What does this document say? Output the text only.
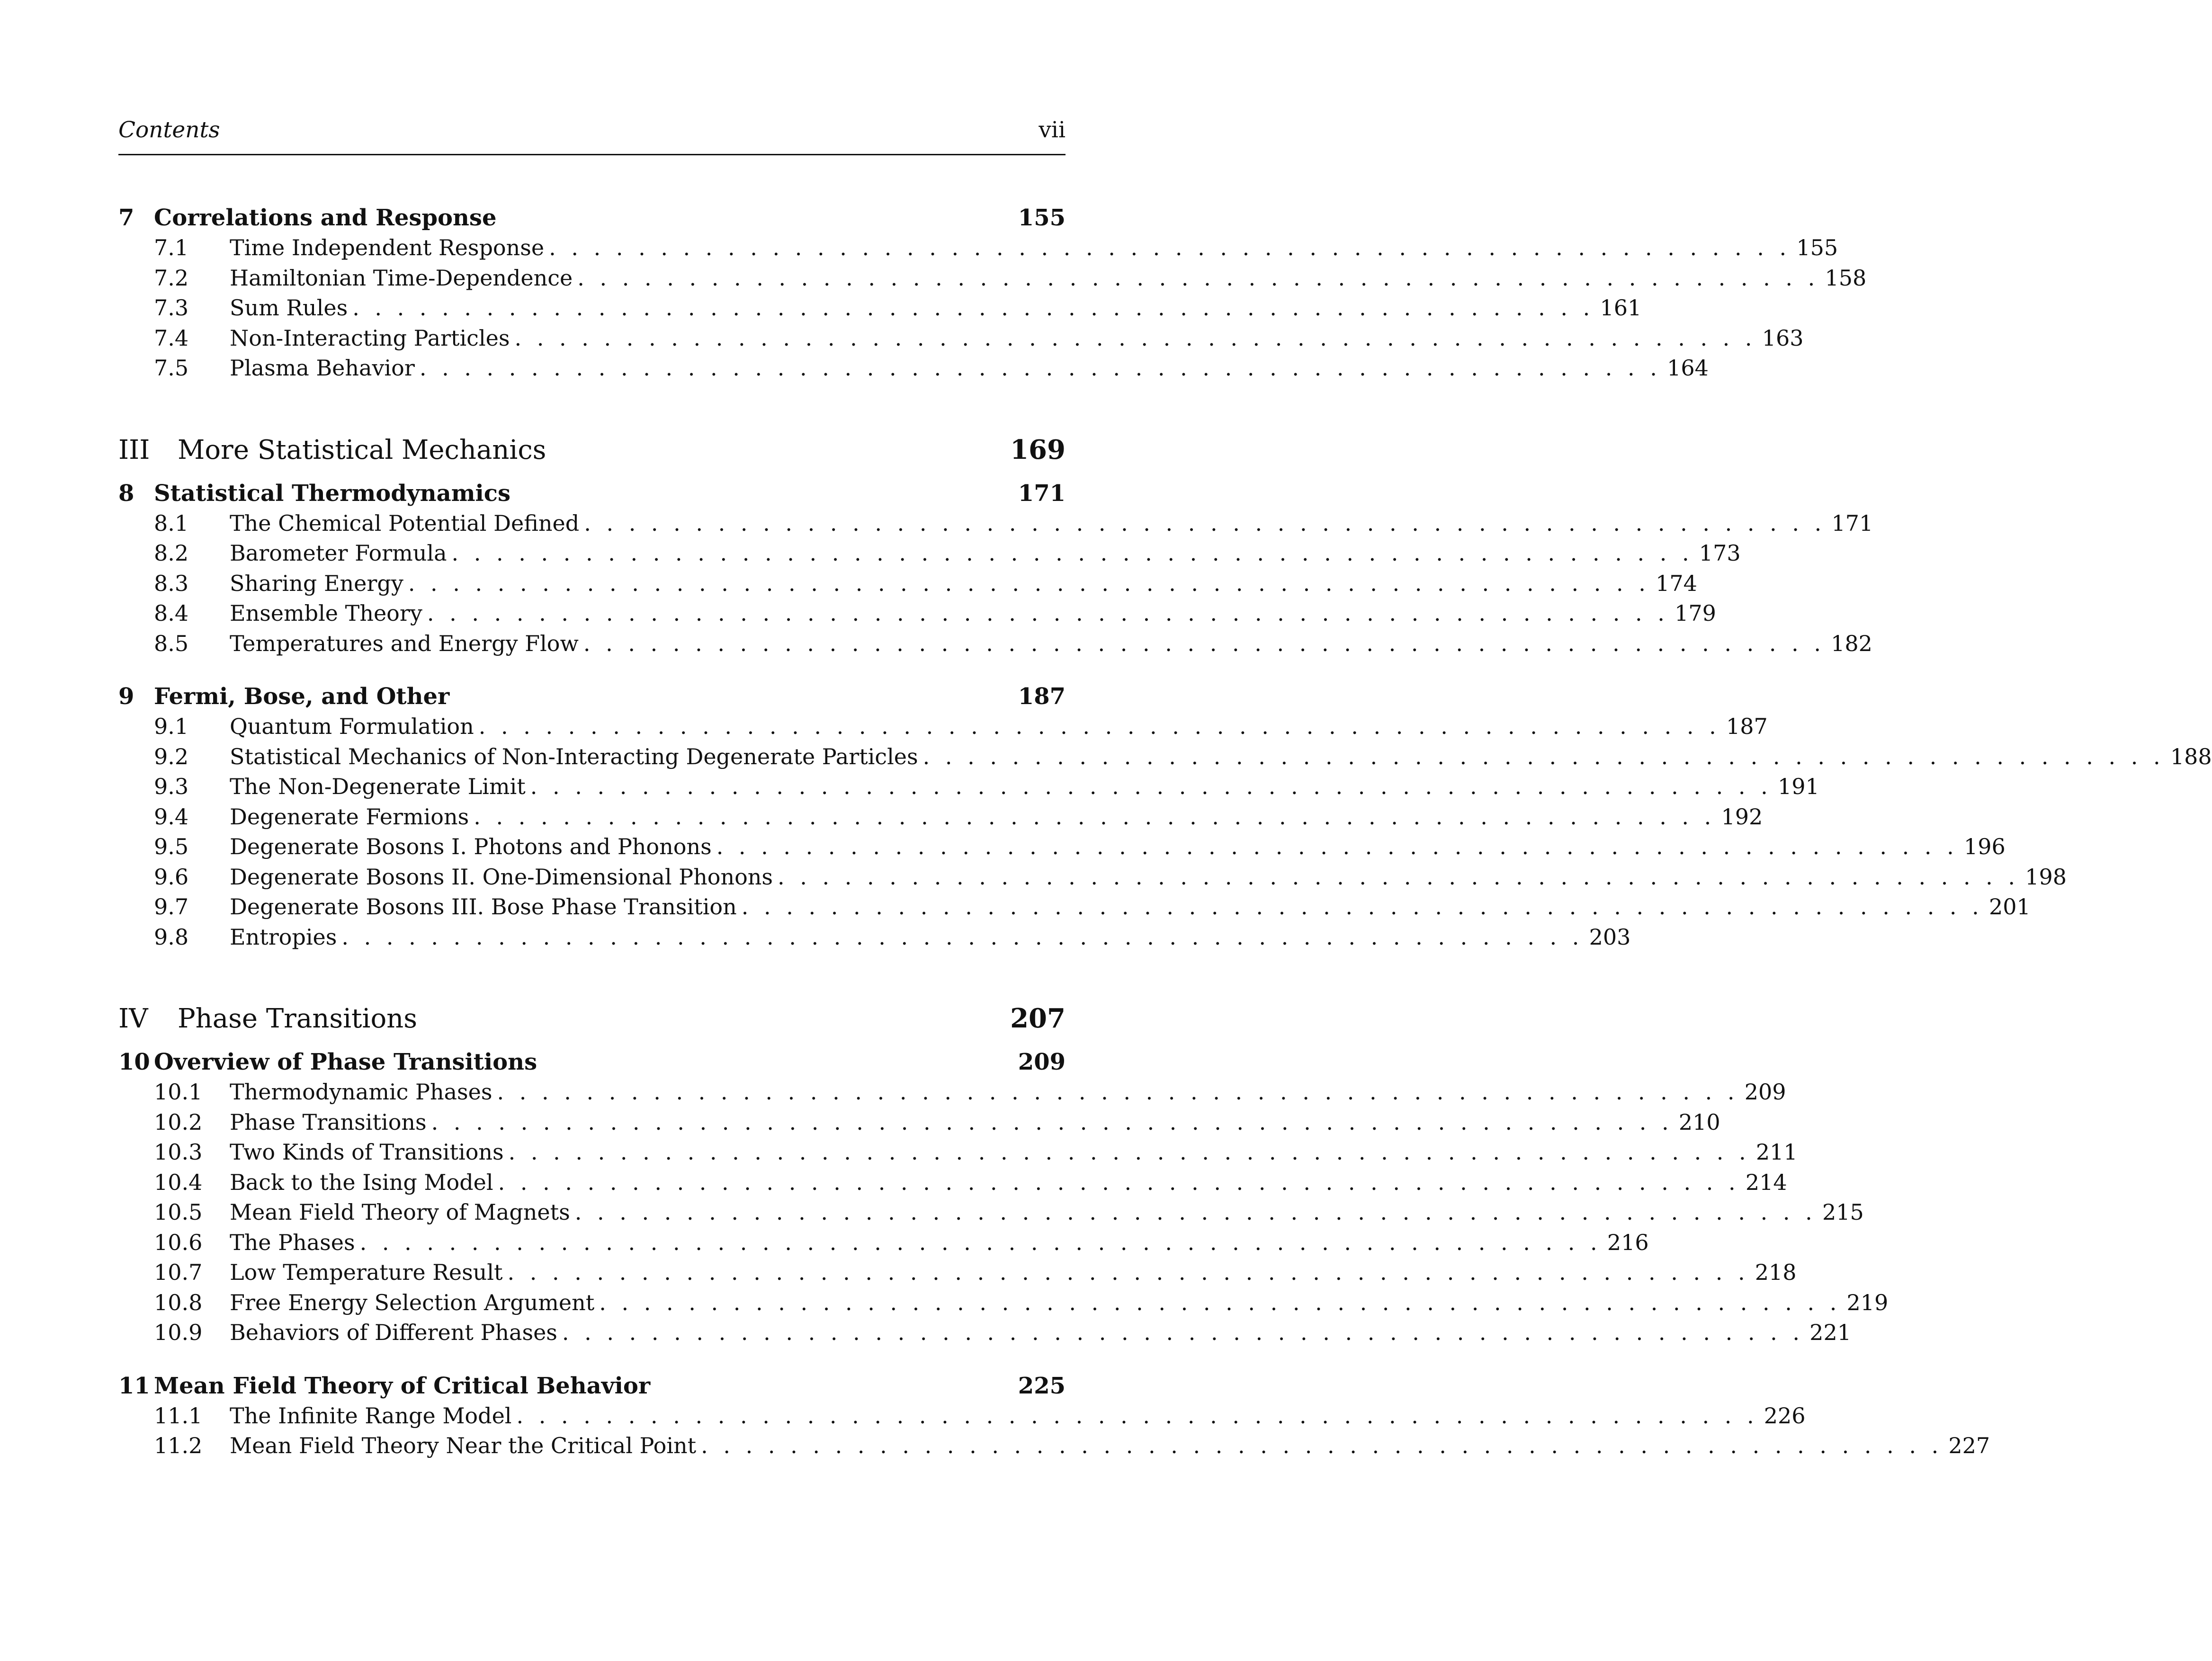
Contents	vii
7 Correlations and Response	155
7.1	Time Independent Response . . . . . . . . . . . . . . . . . . . . . . . . . . . . . . . . . . . . . . . . . . . . . . . . . . . . . . . . 155
7.2	Hamiltonian Time-Dependence . . . . . . . . . . . . . . . . . . . . . . . . . . . . . . . . . . . . . . . . . . . . . . . . . . . . . . . . 158
7.3	Sum Rules . . . . . . . . . . . . . . . . . . . . . . . . . . . . . . . . . . . . . . . . . . . . . . . . . . . . . . . . 161
7.4	Non-Interacting Particles . . . . . . . . . . . . . . . . . . . . . . . . . . . . . . . . . . . . . . . . . . . . . . . . . . . . . . . . 163
7.5	Plasma Behavior . . . . . . . . . . . . . . . . . . . . . . . . . . . . . . . . . . . . . . . . . . . . . . . . . . . . . . . . 164
III	More Statistical Mechanics	169
8 Statistical Thermodynamics	171
8.1	The Chemical Potential Defined . . . . . . . . . . . . . . . . . . . . . . . . . . . . . . . . . . . . . . . . . . . . . . . . . . . . . . . . 171
8.2	Barometer Formula . . . . . . . . . . . . . . . . . . . . . . . . . . . . . . . . . . . . . . . . . . . . . . . . . . . . . . . . 173
8.3	Sharing Energy . . . . . . . . . . . . . . . . . . . . . . . . . . . . . . . . . . . . . . . . . . . . . . . . . . . . . . . . 174
8.4	Ensemble Theory . . . . . . . . . . . . . . . . . . . . . . . . . . . . . . . . . . . . . . . . . . . . . . . . . . . . . . . . 179
8.5	Temperatures and Energy Flow . . . . . . . . . . . . . . . . . . . . . . . . . . . . . . . . . . . . . . . . . . . . . . . . . . . . . . . . 182
9 Fermi, Bose, and Other	187
9.1	Quantum Formulation . . . . . . . . . . . . . . . . . . . . . . . . . . . . . . . . . . . . . . . . . . . . . . . . . . . . . . . . 187
9.2	Statistical Mechanics of Non-Interacting Degenerate Particles . . . . . . . . . . . . . . . . . . . . . . . . . . . . . . . . . . . . . . . . . . . . . . . . . . . . . . . . 188
9.3	The Non-Degenerate Limit . . . . . . . . . . . . . . . . . . . . . . . . . . . . . . . . . . . . . . . . . . . . . . . . . . . . . . . . 191
9.4	Degenerate Fermions . . . . . . . . . . . . . . . . . . . . . . . . . . . . . . . . . . . . . . . . . . . . . . . . . . . . . . . . 192
9.5	Degenerate Bosons I. Photons and Phonons . . . . . . . . . . . . . . . . . . . . . . . . . . . . . . . . . . . . . . . . . . . . . . . . . . . . . . . . 196
9.6	Degenerate Bosons II. One-Dimensional Phonons . . . . . . . . . . . . . . . . . . . . . . . . . . . . . . . . . . . . . . . . . . . . . . . . . . . . . . . . 198
9.7	Degenerate Bosons III. Bose Phase Transition . . . . . . . . . . . . . . . . . . . . . . . . . . . . . . . . . . . . . . . . . . . . . . . . . . . . . . . . 201
9.8	Entropies . . . . . . . . . . . . . . . . . . . . . . . . . . . . . . . . . . . . . . . . . . . . . . . . . . . . . . . . 203
IV	Phase Transitions	207
10 Overview of Phase Transitions	209
10.1	Thermodynamic Phases . . . . . . . . . . . . . . . . . . . . . . . . . . . . . . . . . . . . . . . . . . . . . . . . . . . . . . . . 209
10.2	Phase Transitions . . . . . . . . . . . . . . . . . . . . . . . . . . . . . . . . . . . . . . . . . . . . . . . . . . . . . . . . 210
10.3	Two Kinds of Transitions . . . . . . . . . . . . . . . . . . . . . . . . . . . . . . . . . . . . . . . . . . . . . . . . . . . . . . . . 211
10.4	Back to the Ising Model . . . . . . . . . . . . . . . . . . . . . . . . . . . . . . . . . . . . . . . . . . . . . . . . . . . . . . . . 214
10.5	Mean Field Theory of Magnets . . . . . . . . . . . . . . . . . . . . . . . . . . . . . . . . . . . . . . . . . . . . . . . . . . . . . . . . 215
10.6	The Phases . . . . . . . . . . . . . . . . . . . . . . . . . . . . . . . . . . . . . . . . . . . . . . . . . . . . . . . . 216
10.7	Low Temperature Result . . . . . . . . . . . . . . . . . . . . . . . . . . . . . . . . . . . . . . . . . . . . . . . . . . . . . . . . 218
10.8	Free Energy Selection Argument . . . . . . . . . . . . . . . . . . . . . . . . . . . . . . . . . . . . . . . . . . . . . . . . . . . . . . . . 219
10.9	Behaviors of Different Phases . . . . . . . . . . . . . . . . . . . . . . . . . . . . . . . . . . . . . . . . . . . . . . . . . . . . . . . . 221
11 Mean Field Theory of Critical Behavior	225
11.1	The Infinite Range Model . . . . . . . . . . . . . . . . . . . . . . . . . . . . . . . . . . . . . . . . . . . . . . . . . . . . . . . . 226
11.2	Mean Field Theory Near the Critical Point . . . . . . . . . . . . . . . . . . . . . . . . . . . . . . . . . . . . . . . . . . . . . . . . . . . . . . . . 227
